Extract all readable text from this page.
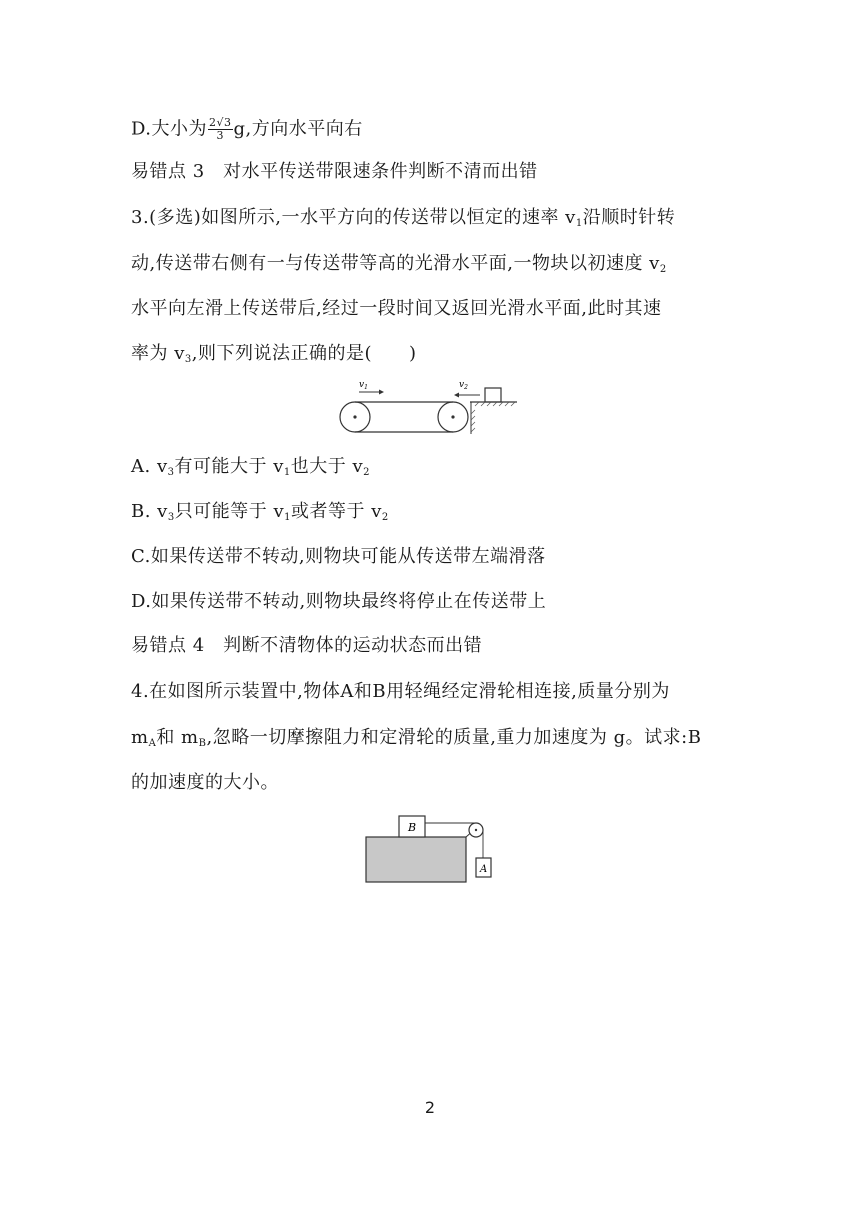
D.大小为 $\frac{2√3}{3} g$,方向水平向右
易错点 3　对水平传送带限速条件判断不清而出错
3.(多选)如图所示,一水平方向的传送带以恒定的速率 $v_1$沿顺时针转
动,传送带右侧有一与传送带等高的光滑水平面,一物块以初速度 $v_2$
水平向左滑上传送带后,经过一段时间又返回光滑水平面,此时其速
率为 $v_3$,则下列说法正确的是(　　)
$v_1$	$v_2$
A. $v_3$有可能大于 $v_1$也大于 $v_2$
B. $v_3$只可能等于 $v_1$或者等于 $v_2$
C.如果传送带不转动,则物块可能从传送带左端滑落
D.如果传送带不转动,则物块最终将停止在传送带上
易错点 4　判断不清物体的运动状态而出错
4.在如图所示装置中,物体A和B用轻绳经定滑轮相连接,质量分别为
$m_A$和 $m_B$,忽略一切摩擦阻力和定滑轮的质量,重力加速度为 g。试求:B
的加速度的大小。
B
A
2
